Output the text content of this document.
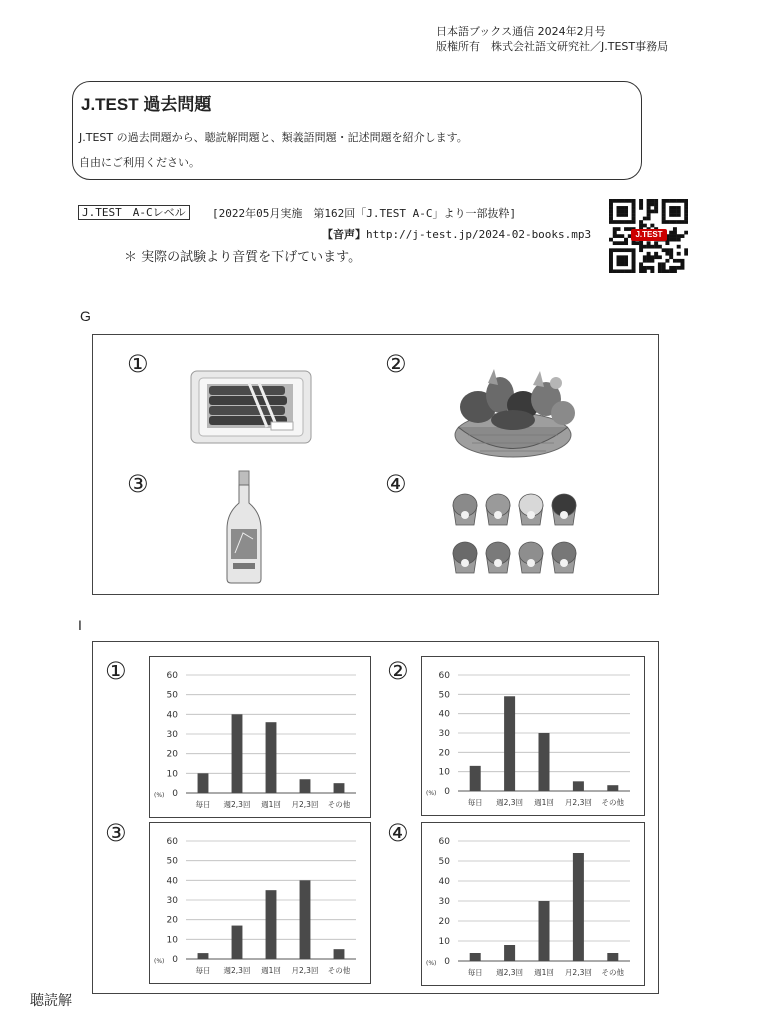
日本語ブックス通信 2024年2月号
版権所有　株式会社語文研究社／J.TEST事務局
J.TEST 過去問題
J.TEST の過去問題から、聴読解問題と、類義語問題・記述問題を紹介します。
自由にご利用ください。
J.TEST　A-Cレベル	[2022年05月実施　第162回「J.TEST A-C」より一部抜粋]
【音声】http://j-test.jp/2024-02-books.mp3
＊ 実際の試験より音質を下げています。
J.TEST
G
①	②
③	④
I
①	②
③	④
0
10
20
30
40
50
60
(%)
毎日 週2,3回 週1回 月2,3回 その他
0
10
20
30
40
50
60
(%)
毎日 週2,3回 週1回 月2,3回 その他
0
10
20
30
40
50
60
(%)
毎日 週2,3回 週1回 月2,3回 その他
0
10
20
30
40
50
60
(%)
毎日 週2,3回 週1回 月2,3回 その他
聴読解
